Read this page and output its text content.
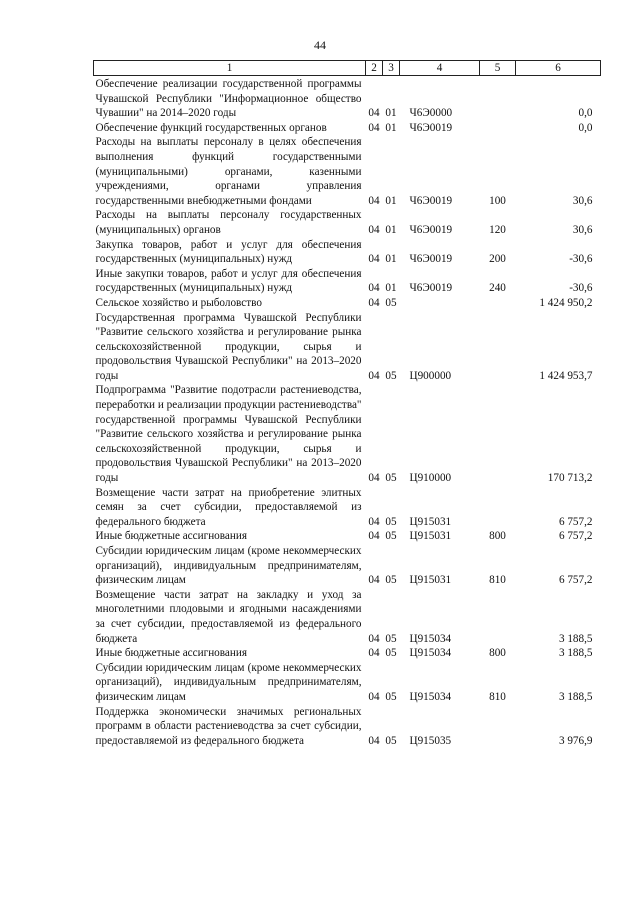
44
1	2	3	4	5	6
Обеспечение реализации государственной программы Чувашской Республики "Информационное общество Чувашии" на 2014–2020 годы	04	01	Ч6Э0000		0,0
Обеспечение функций государственных органов	04	01	Ч6Э0019		0,0
Расходы на выплаты персоналу в целях обеспечения выполнения функций государственными (муниципальными) органами, казенными учреждениями, органами управления государственными внебюджетными фондами	04	01	Ч6Э0019	100	30,6
Расходы на выплаты персоналу государственных (муниципальных) органов	04	01	Ч6Э0019	120	30,6
Закупка товаров, работ и услуг для обеспечения государственных (муниципальных) нужд	04	01	Ч6Э0019	200	-30,6
Иные закупки товаров, работ и услуг для обеспечения государственных (муниципальных) нужд	04	01	Ч6Э0019	240	-30,6
Сельское хозяйство и рыболовство	04	05			1 424 950,2
Государственная программа Чувашской Республики "Развитие сельского хозяйства и регулирование рынка сельскохозяйственной продукции, сырья и продовольствия Чувашской Республики" на 2013–2020 годы	04	05	Ц900000		1 424 953,7
Подпрограмма "Развитие подотрасли растениеводства, переработки и реализации продукции растениеводства" государственной программы Чувашской Республики "Развитие сельского хозяйства и регулирование рынка сельскохозяйственной продукции, сырья и продовольствия Чувашской Республики" на 2013–2020 годы	04	05	Ц910000		170 713,2
Возмещение части затрат на приобретение элитных семян за счет субсидии, предоставляемой из федерального бюджета	04	05	Ц915031		6 757,2
Иные бюджетные ассигнования	04	05	Ц915031	800	6 757,2
Субсидии юридическим лицам (кроме некоммерческих организаций), индивидуальным предпринимателям, физическим лицам	04	05	Ц915031	810	6 757,2
Возмещение части затрат на закладку и уход за многолетними плодовыми и ягодными насаждениями за счет субсидии, предоставляемой из федерального бюджета	04	05	Ц915034		3 188,5
Иные бюджетные ассигнования	04	05	Ц915034	800	3 188,5
Субсидии юридическим лицам (кроме некоммерческих организаций), индивидуальным предпринимателям, физическим лицам	04	05	Ц915034	810	3 188,5
Поддержка экономически значимых региональных программ в области растениеводства за счет субсидии, предоставляемой из федерального бюджета	04	05	Ц915035		3 976,9
